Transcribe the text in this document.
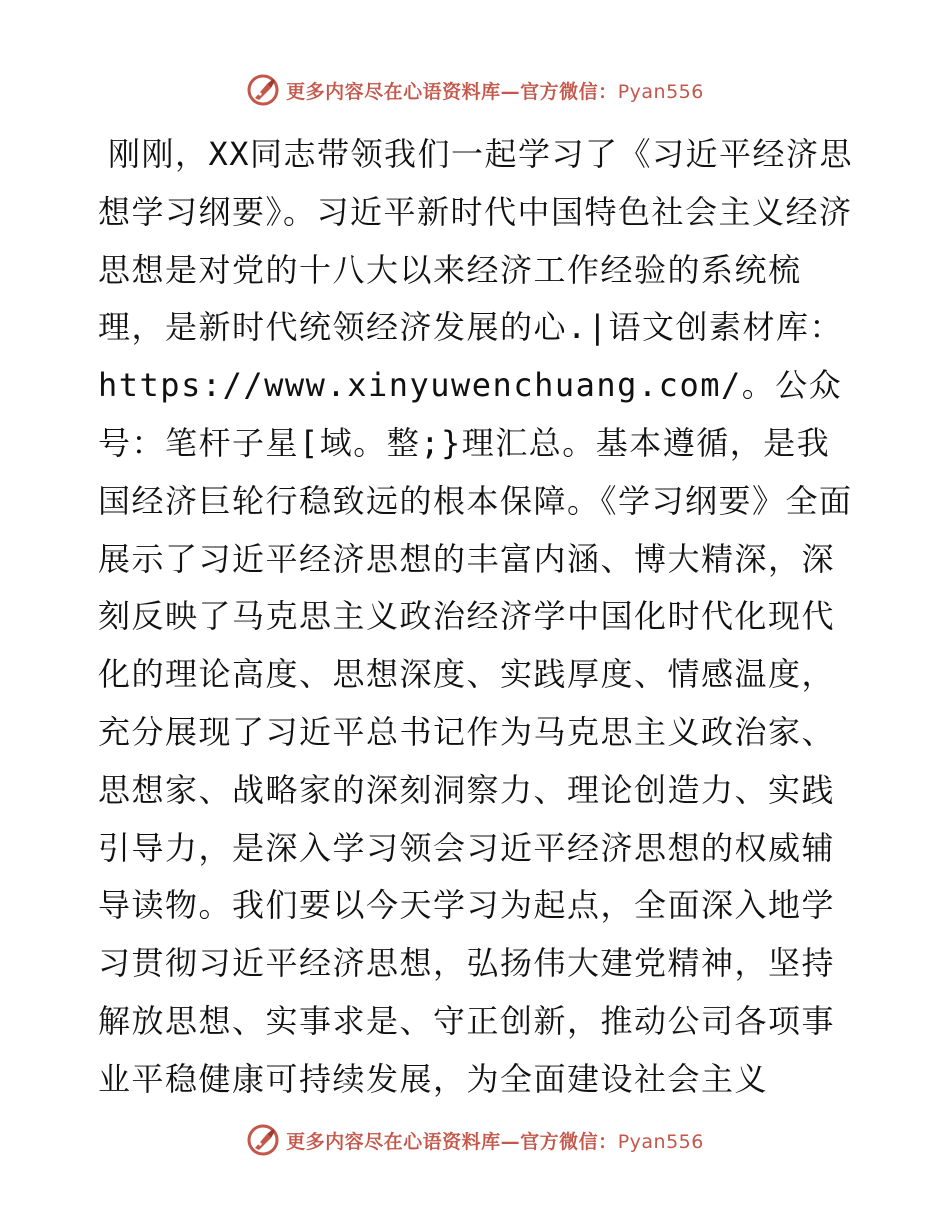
更多内容尽在心语资料库—官方微信：Pyan556

刚刚，XX同志带领我们一起学习了《习近平经济思想学习纲要》。习近平新时代中国特色社会主义经济思想是对党的十八大以来经济工作经验的系统梳理，是新时代统领经济发展的心.|语文创素材库：https://www.xinyuwenchuang.com/。公众号：笔杆子星[域。整;}理汇总。基本遵循，是我国经济巨轮行稳致远的根本保障。《学习纲要》全面展示了习近平经济思想的丰富内涵、博大精深，深刻反映了马克思主义政治经济学中国化时代化现代化的理论高度、思想深度、实践厚度、情感温度，充分展现了习近平总书记作为马克思主义政治家、思想家、战略家的深刻洞察力、理论创造力、实践引导力，是深入学习领会习近平经济思想的权威辅导读物。我们要以今天学习为起点，全面深入地学习贯彻习近平经济思想，弘扬伟大建党精神，坚持解放思想、实事求是、守正创新，推动公司各项事业平稳健康可持续发展，为全面建设社会主义

更多内容尽在心语资料库—官方微信：Pyan556
